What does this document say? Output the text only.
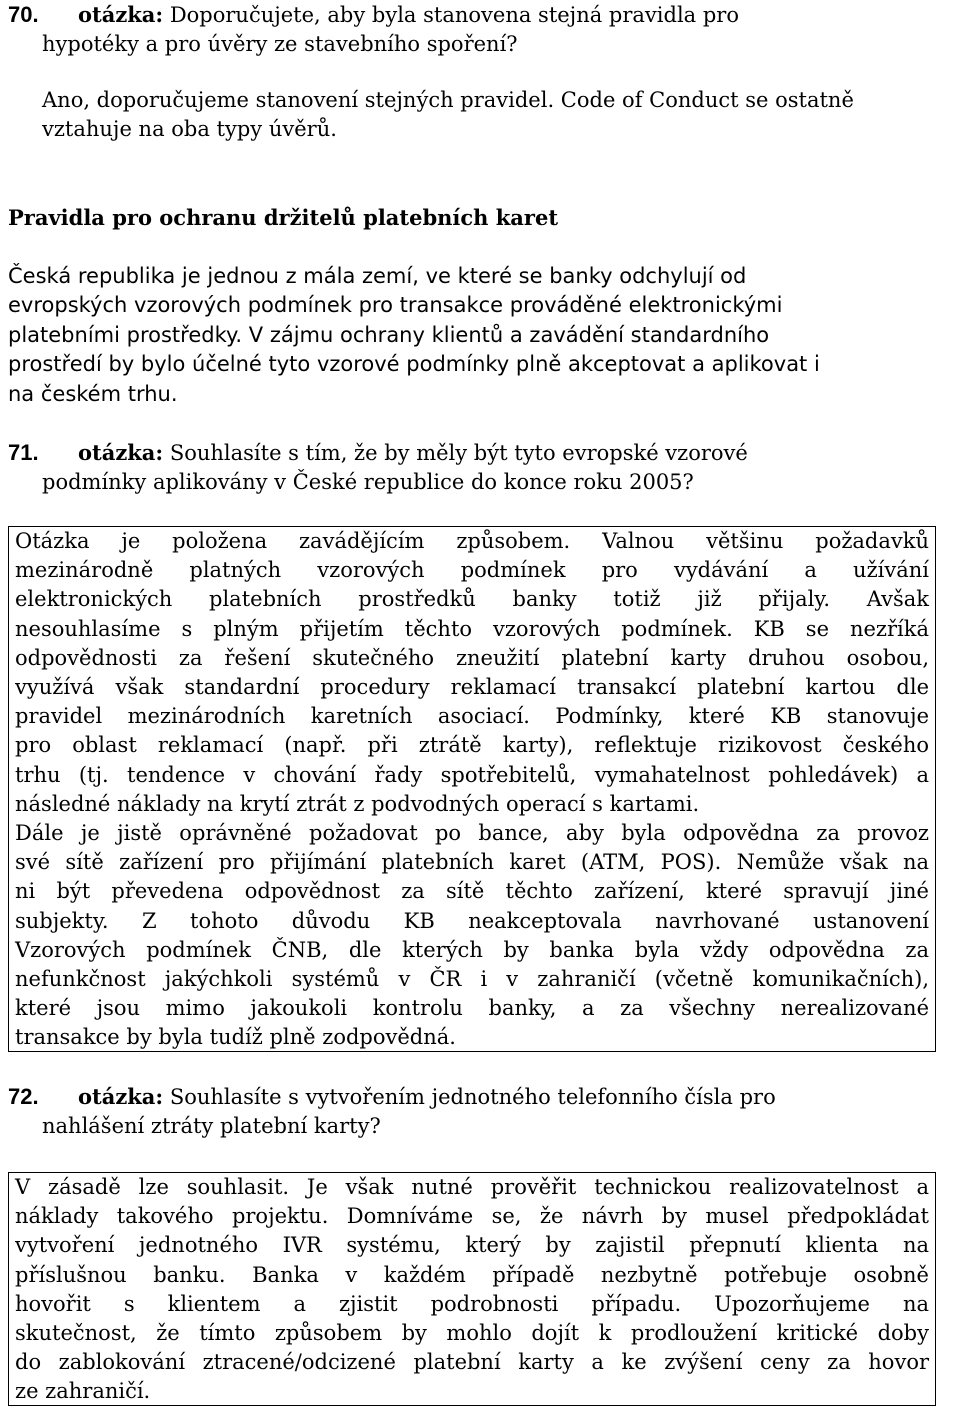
70. otázka: Doporučujete, aby byla stanovena stejná pravidla pro
hypotéky a pro úvěry ze stavebního spoření?
Ano, doporučujeme stanovení stejných pravidel. Code of Conduct se ostatně
vztahuje na oba typy úvěrů.
Pravidla pro ochranu držitelů platebních karet
Česká republika je jednou z mála zemí, ve které se banky odchylují od
evropských vzorových podmínek pro transakce prováděné elektronickými
platebními prostředky. V zájmu ochrany klientů a zavádění standardního
prostředí by bylo účelné tyto vzorové podmínky plně akceptovat a aplikovat i
na českém trhu.
71. otázka: Souhlasíte s tím, že by měly být tyto evropské vzorové
podmínky aplikovány v České republice do konce roku 2005?
Otázka je položena zavádějícím způsobem. Valnou většinu požadavků
mezinárodně platných vzorových podmínek pro vydávání a užívání
elektronických platebních prostředků banky totiž již přijaly. Avšak
nesouhlasíme s plným přijetím těchto vzorových podmínek. KB se nezříká
odpovědnosti za řešení skutečného zneužití platební karty druhou osobou,
využívá však standardní procedury reklamací transakcí platební kartou dle
pravidel mezinárodních karetních asociací. Podmínky, které KB stanovuje
pro oblast reklamací (např. při ztrátě karty), reflektuje rizikovost českého
trhu (tj. tendence v chování řady spotřebitelů, vymahatelnost pohledávek) a
následné náklady na krytí ztrát z podvodných operací s kartami.
Dále je jistě oprávněné požadovat po bance, aby byla odpovědna za provoz
své sítě zařízení pro přijímání platebních karet (ATM, POS). Nemůže však na
ni být převedena odpovědnost za sítě těchto zařízení, které spravují jiné
subjekty. Z tohoto důvodu KB neakceptovala navrhované ustanovení
Vzorových podmínek ČNB, dle kterých by banka byla vždy odpovědna za
nefunkčnost jakýchkoli systémů v ČR i v zahraničí (včetně komunikačních),
které jsou mimo jakoukoli kontrolu banky, a za všechny nerealizované
transakce by byla tudíž plně zodpovědná.
72. otázka: Souhlasíte s vytvořením jednotného telefonního čísla pro
nahlášení ztráty platební karty?
V zásadě lze souhlasit. Je však nutné prověřit technickou realizovatelnost a
náklady takového projektu. Domníváme se, že návrh by musel předpokládat
vytvoření jednotného IVR systému, který by zajistil přepnutí klienta na
příslušnou banku. Banka v každém případě nezbytně potřebuje osobně
hovořit s klientem a zjistit podrobnosti případu. Upozorňujeme na
skutečnost, že tímto způsobem by mohlo dojít k prodloužení kritické doby
do zablokování ztracené/odcizené platební karty a ke zvýšení ceny za hovor
ze zahraničí.
